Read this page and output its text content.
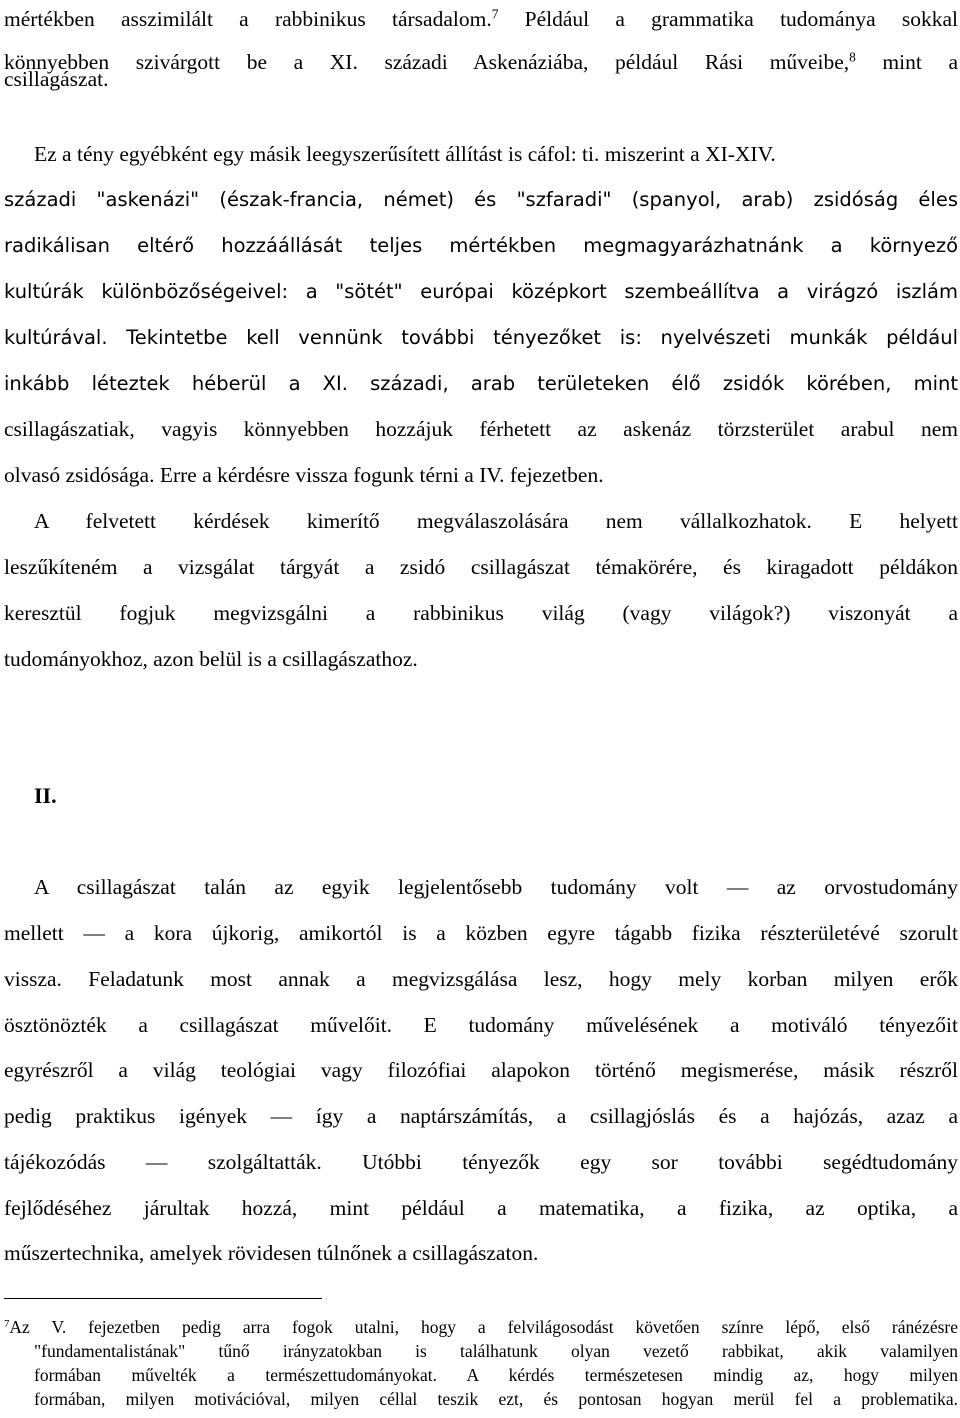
mértékben asszimilált a rabbinikus társadalom.$^7$ Például a grammatika tudománya sokkal
könnyebben szivárgott be a XI. századi Askenáziába, például Rási műveibe,$^8$ mint a
csillagászat.
Ez a tény egyébként egy másik leegyszerűsített állítást is cáfol: ti. miszerint a XI-XIV.
századi "askenázi" (észak-francia, német) és "szfaradi" (spanyol, arab) zsidóság éles
radikálisan eltérő hozzáállását teljes mértékben megmagyarázhatnánk a környező
kultúrák különbözőségeivel: a "sötét" európai középkort szembeállítva a virágzó iszlám
kultúrával. Tekintetbe kell vennünk további tényezőket is: nyelvészeti munkák például
inkább léteztek héberül a XI. századi, arab területeken élő zsidók körében, mint
csillagászatiak, vagyis könnyebben hozzájuk férhetett az askenáz törzsterület arabul nem
olvasó zsidósága. Erre a kérdésre vissza fogunk térni a IV. fejezetben.
A felvetett kérdések kimerítő megválaszolására nem vállalkozhatok. E helyett
leszűkíteném a vizsgálat tárgyát a zsidó csillagászat témakörére, és kiragadott példákon
keresztül fogjuk megvizsgálni a rabbinikus világ (vagy világok?) viszonyát a
tudományokhoz, azon belül is a csillagászathoz.
II.
A csillagászat talán az egyik legjelentősebb tudomány volt — az orvostudomány
mellett — a kora újkorig, amikortól is a közben egyre tágabb fizika részterületévé szorult
vissza. Feladatunk most annak a megvizsgálása lesz, hogy mely korban milyen erők
ösztönözték a csillagászat művelőit. E tudomány művelésének a motiváló tényezőit
egyrészről a világ teológiai vagy filozófiai alapokon történő megismerése, másik részről
pedig praktikus igények — így a naptárszámítás, a csillagjóslás és a hajózás, azaz a
tájékozódás — szolgáltatták. Utóbbi tényezők egy sor további segédtudomány
fejlődéséhez járultak hozzá, mint például a matematika, a fizika, az optika, a
műszertechnika, amelyek rövidesen túlnőnek a csillagászaton.
$^7$Az V. fejezetben pedig arra fogok utalni, hogy a felvilágosodást követően színre lépő, első ránézésre
"fundamentalistának" tűnő irányzatokban is találhatunk olyan vezető rabbikat, akik valamilyen
formában művelték a természettudományokat. A kérdés természetesen mindig az, hogy milyen
formában, milyen motivációval, milyen céllal teszik ezt, és pontosan hogyan merül fel a problematika.
